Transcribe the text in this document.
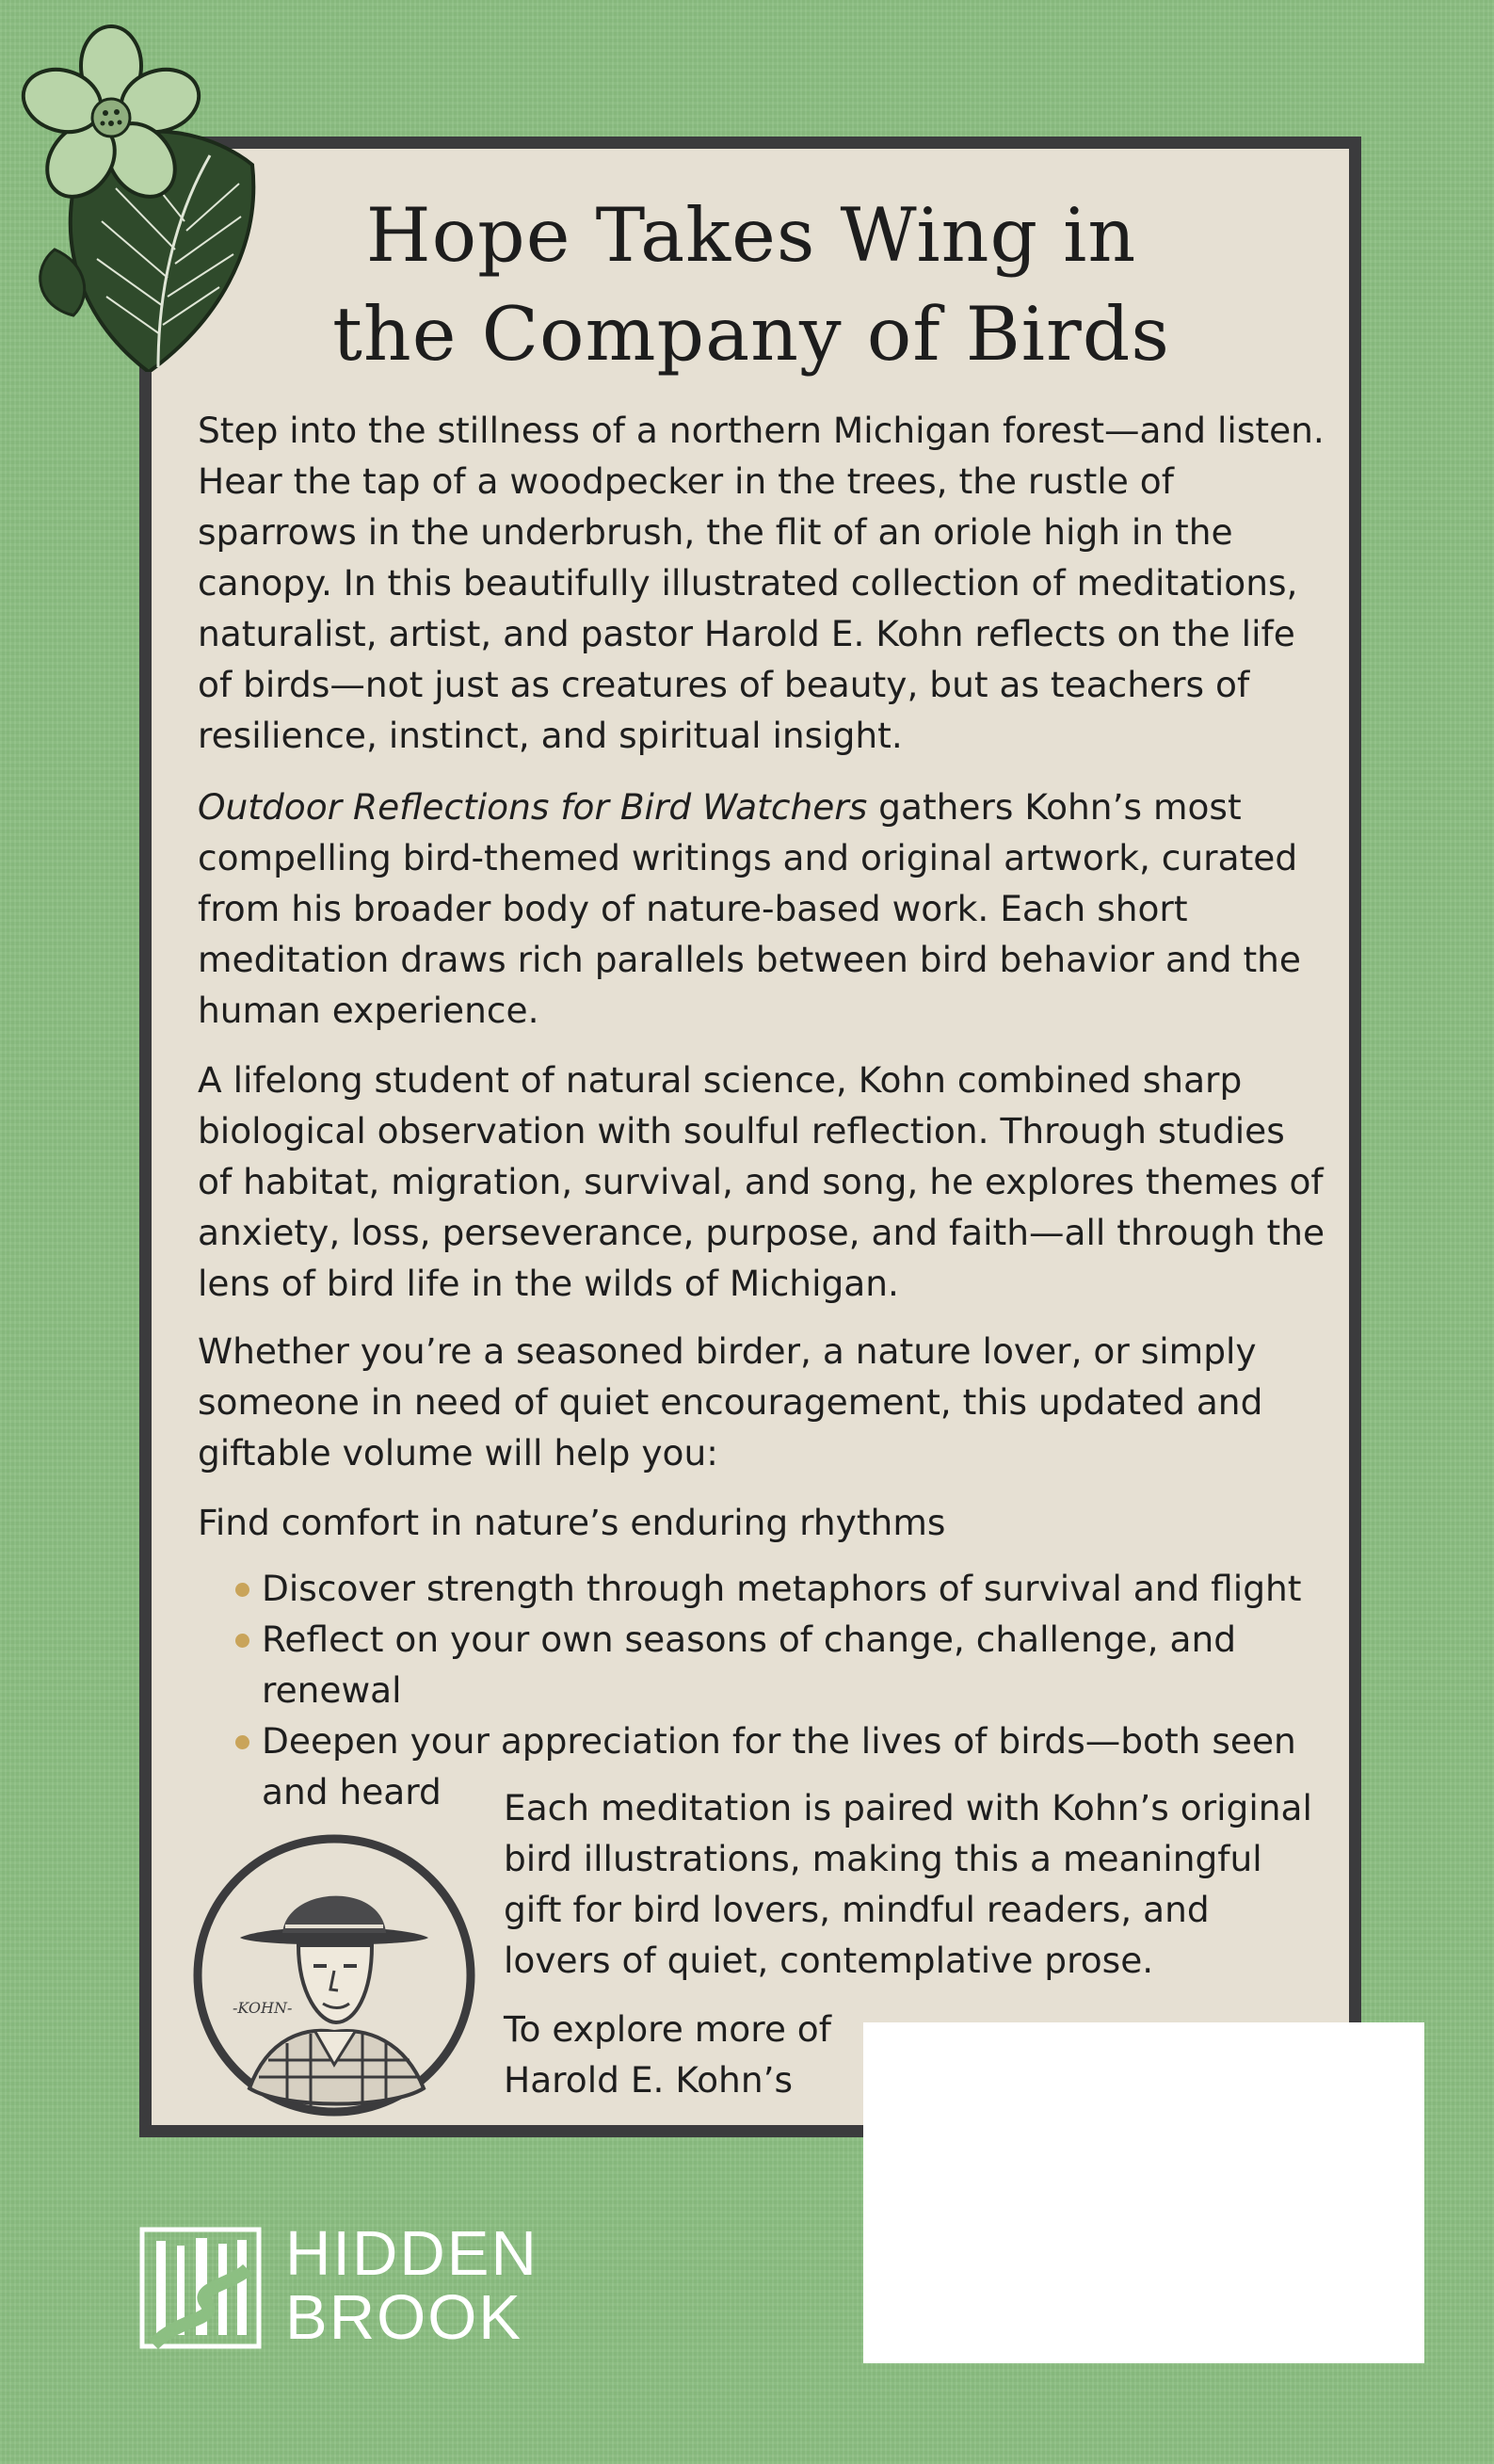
Hope Takes Wing in
the Company of Birds

Step into the stillness of a northern Michigan forest—and listen. Hear the tap of a woodpecker in the trees, the rustle of sparrows in the underbrush, the flit of an oriole high in the canopy. In this beautifully illustrated collection of meditations, naturalist, artist, and pastor Harold E. Kohn reflects on the life of birds—not just as creatures of beauty, but as teachers of resilience, instinct, and spiritual insight.

Outdoor Reflections for Bird Watchers gathers Kohn’s most compelling bird-themed writings and original artwork, curated from his broader body of nature-based work. Each short meditation draws rich parallels between bird behavior and the human experience.

A lifelong student of natural science, Kohn combined sharp biological observation with soulful reflection. Through studies of habitat, migration, survival, and song, he explores themes of anxiety, loss, perseverance, purpose, and faith—all through the lens of bird life in the wilds of Michigan.

Whether you’re a seasoned birder, a nature lover, or simply someone in need of quiet encouragement, this updated and giftable volume will help you:

Find comfort in nature’s enduring rhythms

Discover strength through metaphors of survival and flight
Reflect on your own seasons of change, challenge, and renewal
Deepen your appreciation for the lives of birds—both seen and heard
-KOHN-

Each meditation is paired with Kohn’s original bird illustrations, making this a meaningful gift for bird lovers, mindful readers, and lovers of quiet, contemplative prose.

To explore more of
Harold E. Kohn’s

HIDDEN
BROOK
